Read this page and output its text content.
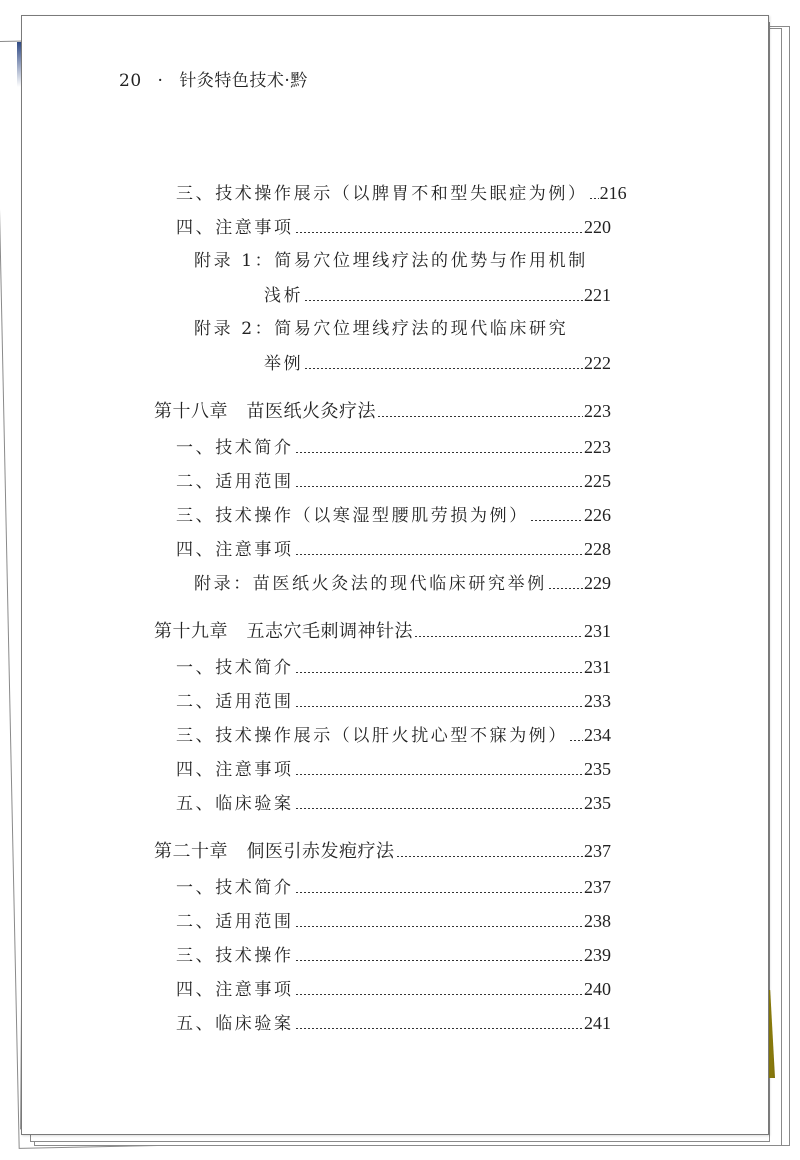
20 · 针灸特色技术·黔
三、技术操作展示（以脾胃不和型失眠症为例） 216
四、注意事项	220
附录 1：简易穴位埋线疗法的优势与作用机制
浅析	221
附录 2：简易穴位埋线疗法的现代临床研究
举例	222
第十八章　苗医纸火灸疗法	223
一、技术简介	223
二、适用范围	225
三、技术操作（以寒湿型腰肌劳损为例）	226
四、注意事项	228
附录：苗医纸火灸法的现代临床研究举例 229
第十九章　五志穴毛刺调神针法	231
一、技术简介	231
二、适用范围	233
三、技术操作展示（以肝火扰心型不寐为例） 234
四、注意事项	235
五、临床验案	235
第二十章　侗医引赤发疱疗法	237
一、技术简介	237
二、适用范围	238
三、技术操作	239
四、注意事项	240
五、临床验案	241
